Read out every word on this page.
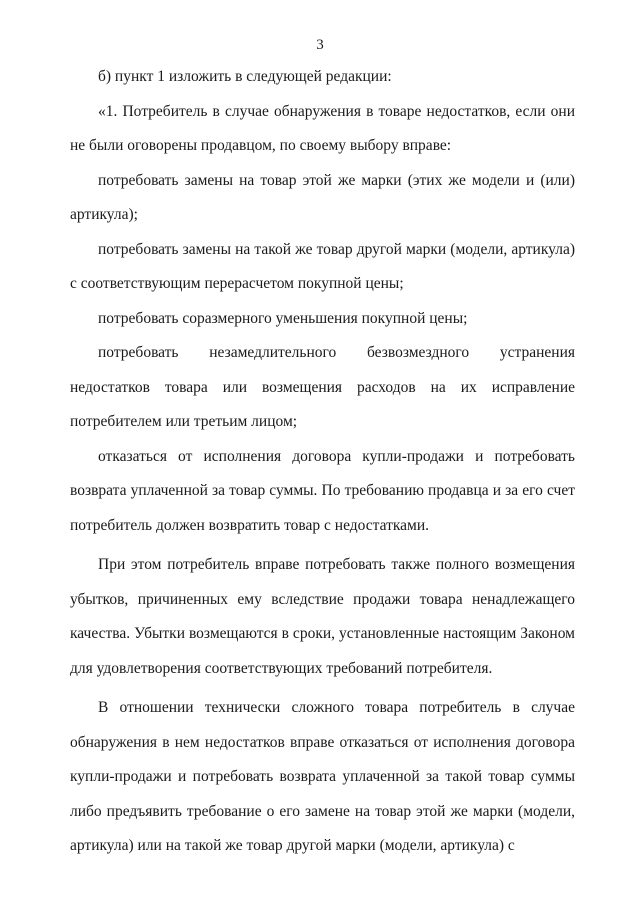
3

б) пункт 1 изложить в следующей редакции:

«1. Потребитель в случае обнаружения в товаре недостатков, если они не были оговорены продавцом, по своему выбору вправе:

потребовать замены на товар этой же марки (этих же модели и (или) артикула);

потребовать замены на такой же товар другой марки (модели, артикула) с соответствующим перерасчетом покупной цены;

потребовать соразмерного уменьшения покупной цены;

потребовать незамедлительного безвозмездного устранения недостатков товара или возмещения расходов на их исправление потребителем или третьим лицом;

отказаться от исполнения договора купли-продажи и потребовать возврата уплаченной за товар суммы. По требованию продавца и за его счет потребитель должен возвратить товар с недостатками.

При этом потребитель вправе потребовать также полного возмещения убытков, причиненных ему вследствие продажи товара ненадлежащего качества. Убытки возмещаются в сроки, установленные настоящим Законом для удовлетворения соответствующих требований потребителя.

В отношении технически сложного товара потребитель в случае обнаружения в нем недостатков вправе отказаться от исполнения договора купли-продажи и потребовать возврата уплаченной за такой товар суммы либо предъявить требование о его замене на товар этой же марки (модели, артикула) или на такой же товар другой марки (модели, артикула) с
